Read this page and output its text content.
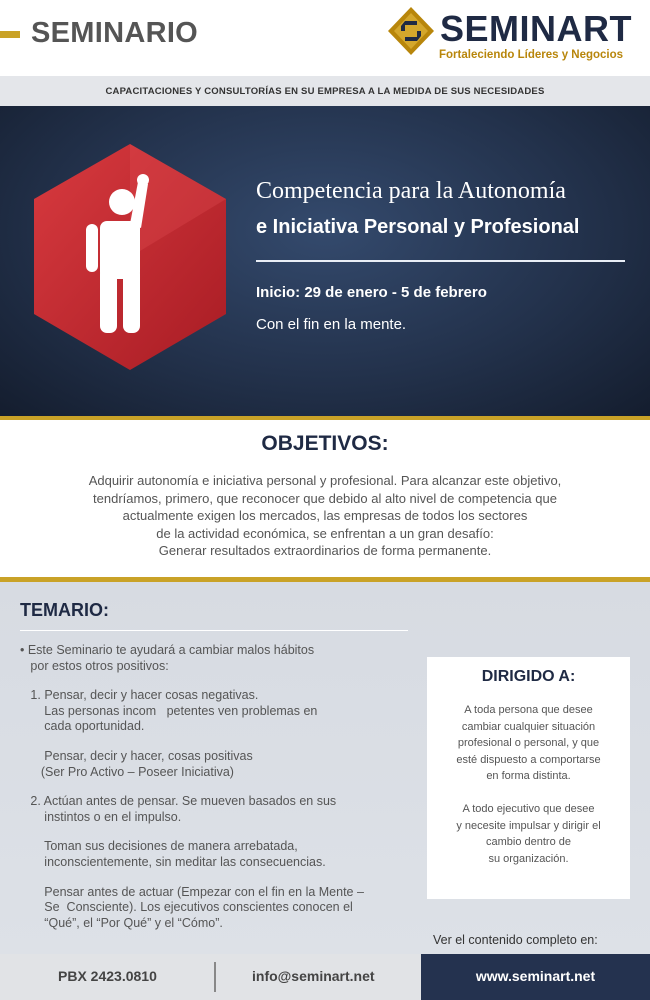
SEMINARIO	SEMINART
Fortaleciendo Líderes y Negocios
CAPACITACIONES Y CONSULTORÍAS EN SU EMPRESA A LA MEDIDA DE SUS NECESIDADES
Competencia para la Autonomía
e Iniciativa Personal y Profesional
Inicio: 29 de enero - 5 de febrero
Con el fin en la mente.
OBJETIVOS:
Adquirir autonomía e iniciativa personal y profesional. Para alcanzar este objetivo,
tendríamos, primero, que reconocer que debido al alto nivel de competencia que
actualmente exigen los mercados, las empresas de todos los sectores
de la actividad económica, se enfrentan a un gran desafío:
Generar resultados extraordinarios de forma permanente.
TEMARIO:
• Este Seminario te ayudará a cambiar malos hábitos
por estos otros positivos:
1. Pensar, decir y hacer cosas negativas.
Las personas incom   petentes ven problemas en
cada oportunidad.
Pensar, decir y hacer, cosas positivas
(Ser Pro Activo – Poseer Iniciativa)
2. Actúan antes de pensar. Se mueven basados en sus
instintos o en el impulso.
Toman sus decisiones de manera arrebatada,
inconscientemente, sin meditar las consecuencias.
Pensar antes de actuar (Empezar con el fin en la Mente –
Se  Consciente). Los ejecutivos conscientes conocen el
“Qué”, el “Por Qué” y el “Cómo”.
DIRIGIDO A:
A toda persona que desee
cambiar cualquier situación
profesional o personal, y que
esté dispuesto a comportarse
en forma distinta.
A todo ejecutivo que desee
y necesite impulsar y dirigir el
cambio dentro de
su organización.
Ver el contenido completo en:
PBX 2423.0810	info@seminart.net	www.seminart.net
